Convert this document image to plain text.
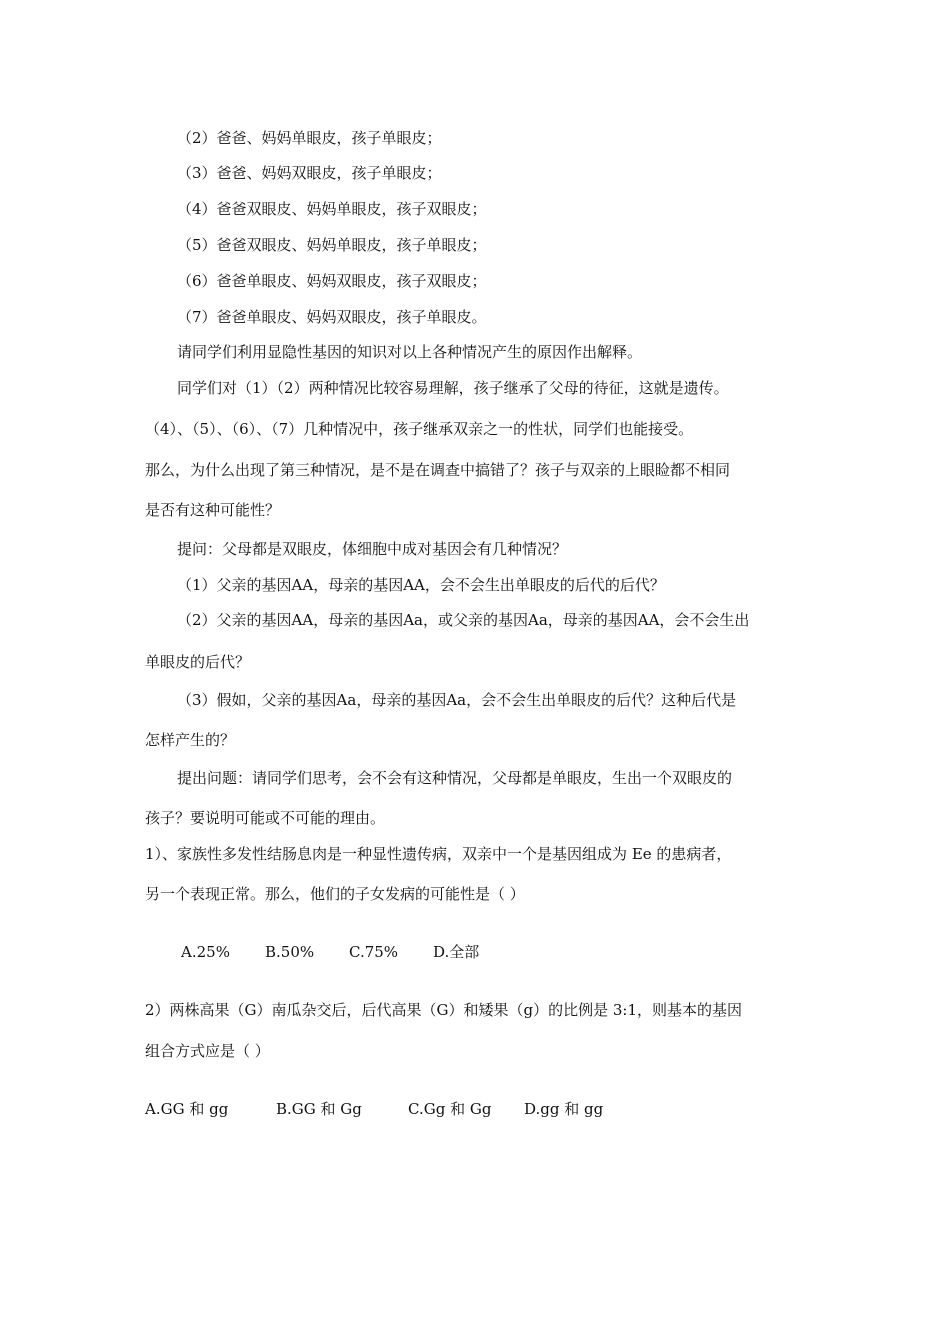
（2）爸爸、妈妈单眼皮，孩子单眼皮；
（3）爸爸、妈妈双眼皮，孩子单眼皮；
（4）爸爸双眼皮、妈妈单眼皮，孩子双眼皮；
（5）爸爸双眼皮、妈妈单眼皮，孩子单眼皮；
（6）爸爸单眼皮、妈妈双眼皮，孩子双眼皮；
（7）爸爸单眼皮、妈妈双眼皮，孩子单眼皮。
请同学们利用显隐性基因的知识对以上各种情况产生的原因作出解释。
同学们对（1）（2）两种情况比较容易理解，孩子继承了父母的待征，这就是遗传。
（4）、（5）、（6）、（7）几种情况中，孩子继承双亲之一的性状，同学们也能接受。
那么，为什么出现了第三种情况，是不是在调查中搞错了？孩子与双亲的上眼睑都不相同
是否有这种可能性？
提问：父母都是双眼皮，体细胞中成对基因会有几种情况？
（1）父亲的基因AA，母亲的基因AA，会不会生出单眼皮的后代的后代？
（2）父亲的基因AA，母亲的基因Aa，或父亲的基因Aa，母亲的基因AA，会不会生出
单眼皮的后代？
（3）假如，父亲的基因Aa，母亲的基因Aa，会不会生出单眼皮的后代？这种后代是
怎样产生的？
提出问题：请同学们思考，会不会有这种情况，父母都是单眼皮，生出一个双眼皮的
孩子？要说明可能或不可能的理由。
1）、家族性多发性结肠息肉是一种显性遗传病，双亲中一个是基因组成为 Ee 的患病者，
另一个表现正常。那么，他们的子女发病的可能性是（ ）
A.25% B.50% C.75% D.全部
2）两株高果（G）南瓜杂交后，后代高果（G）和矮果（g）的比例是 3:1，则基本的基因
组合方式应是（ ）
A.GG 和 gg	B.GG 和 Gg	C.Gg 和 Gg D.gg 和 gg
